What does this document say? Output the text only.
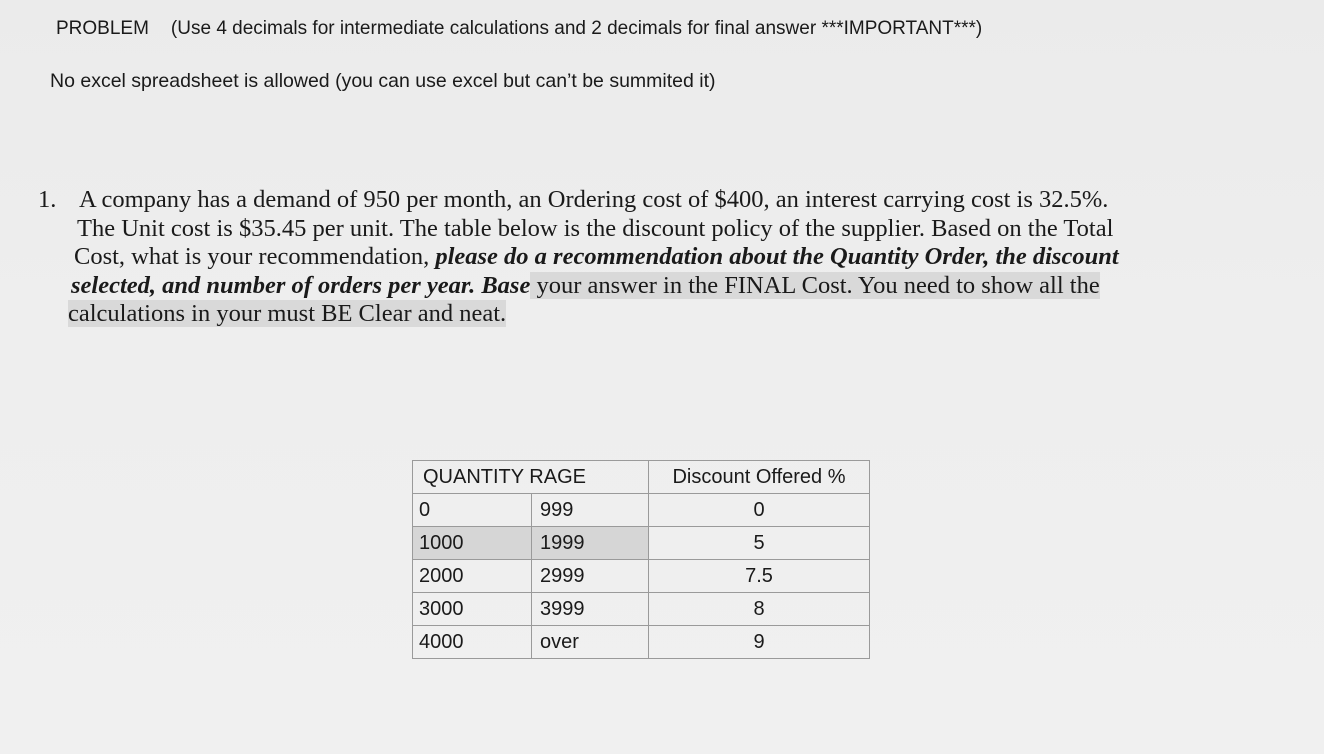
PROBLEM (Use 4 decimals for intermediate calculations and 2 decimals for final answer ***IMPORTANT***)
No excel spreadsheet is allowed (you can use excel but can’t be summited it)
1. A company has a demand of 950 per month, an Ordering cost of $400, an interest carrying cost is 32.5%.
The Unit cost is $35.45 per unit. The table below is the discount policy of the supplier. Based on the Total
Cost, what is your recommendation, please do a recommendation about the Quantity Order, the discount
selected, and number of orders per year. Base your answer in the FINAL Cost. You need to show all the
calculations in your must BE Clear and neat.
QUANTITY RAGE		Discount Offered %
0	999	0
1000	1999	5
2000	2999	7.5
3000	3999	8
4000	over	9
